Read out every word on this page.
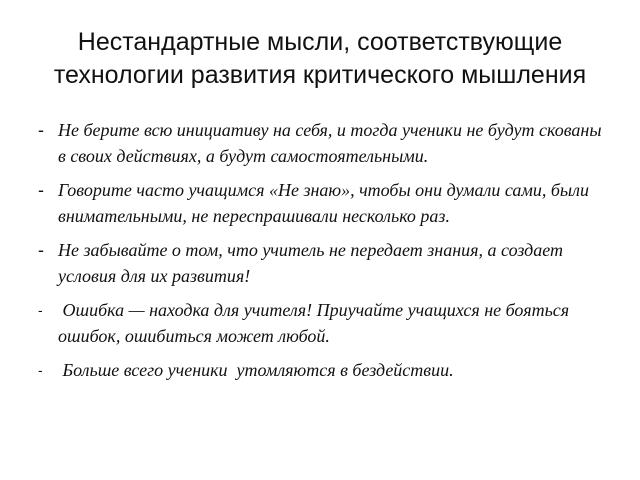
Нестандартные мысли, соответствующие
технологии развития критического мышления
- Не берите всю инициативу на себя, и тогда ученики не будут скованы в своих действиях, а будут самостоятельными.
- Говорите часто учащимся «Не знаю», чтобы они думали сами, были внимательными, не переспрашивали несколько раз.
- Не забывайте о том, что учитель не передает знания, а создает условия для их развития!
- Ошибка — находка для учителя! Приучайте учащихся не бояться ошибок, ошибиться может любой.
- Больше всего ученики  утомляются в бездействии.
